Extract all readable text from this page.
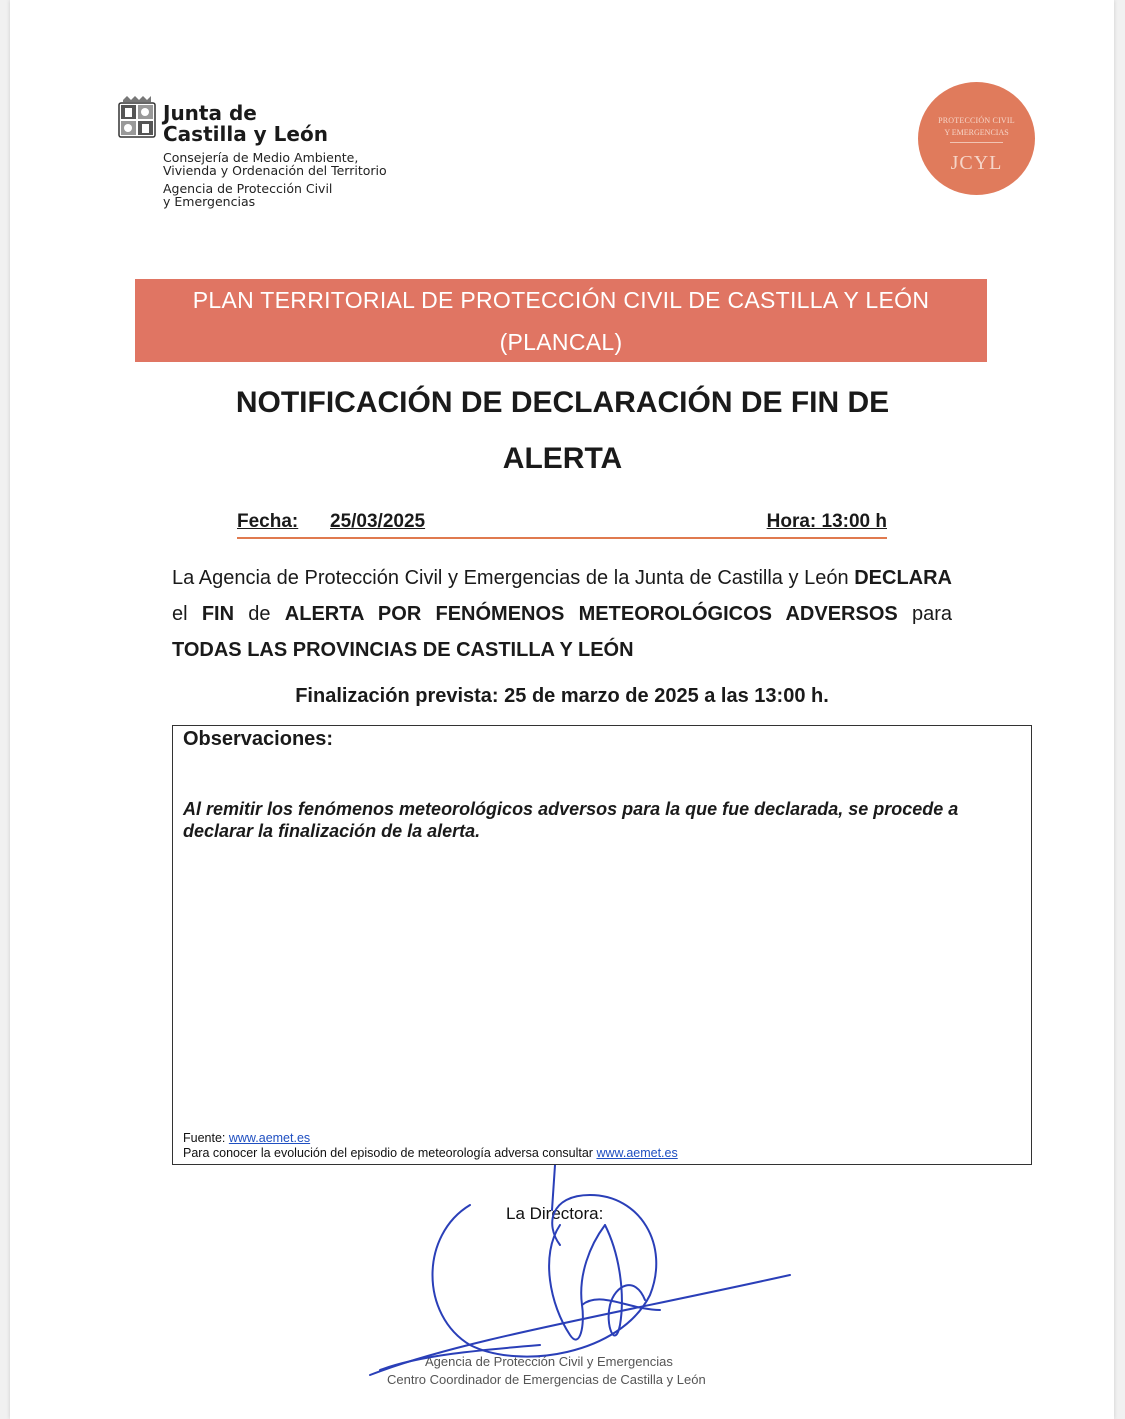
Junta de
Castilla y León
Consejería de Medio Ambiente,
Vivienda y Ordenación del Territorio
Agencia de Protección Civil
y Emergencias
PROTECCIÓN CIVIL
Y EMERGENCIAS
JCYL
PLAN TERRITORIAL DE PROTECCIÓN CIVIL DE CASTILLA Y LEÓN
(PLANCAL)
NOTIFICACIÓN DE DECLARACIÓN DE FIN DE
ALERTA
Fecha: 25/03/2025	Hora: 13:00 h
La Agencia de Protección Civil y Emergencias de la Junta de Castilla y León DECLARA el FIN de ALERTA POR FENÓMENOS METEOROLÓGICOS ADVERSOS para TODAS LAS PROVINCIAS DE CASTILLA Y LEÓN
Finalización prevista: 25 de marzo de 2025 a las 13:00 h.
Observaciones:
Al remitir los fenómenos meteorológicos adversos para la que fue declarada, se procede a declarar la finalización de la alerta.
Fuente: www.aemet.es
Para conocer la evolución del episodio de meteorología adversa consultar www.aemet.es
La Directora:
Agencia de Protección Civil y Emergencias
Centro Coordinador de Emergencias de Castilla y León
